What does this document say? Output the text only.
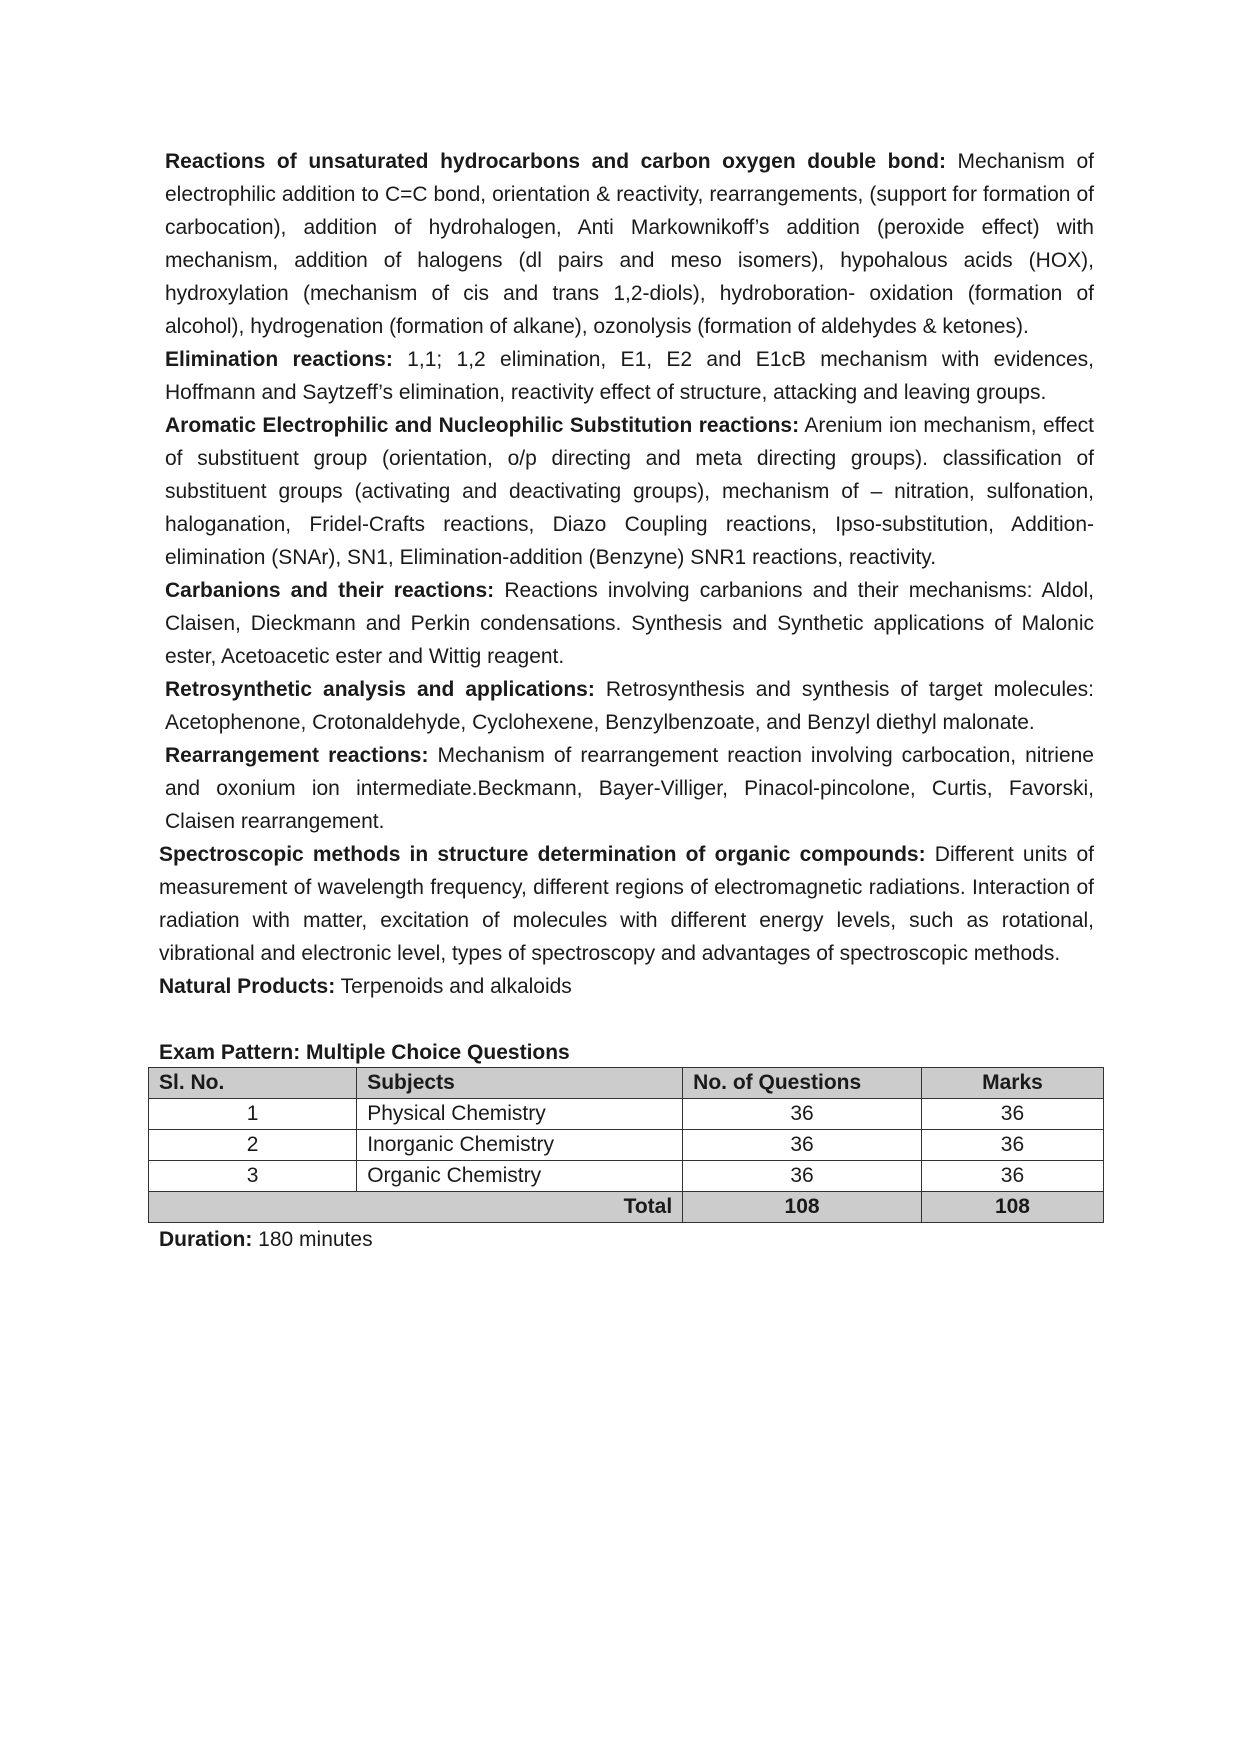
Reactions of unsaturated hydrocarbons and carbon oxygen double bond: Mechanism of electrophilic addition to C=C bond, orientation & reactivity, rearrangements, (support for formation of carbocation), addition of hydrohalogen, Anti Markownikoff’s addition (peroxide effect) with mechanism, addition of halogens (dl pairs and meso isomers), hypohalous acids (HOX), hydroxylation (mechanism of cis and trans 1,2-diols), hydroboration- oxidation (formation of alcohol), hydrogenation (formation of alkane), ozonolysis (formation of aldehydes & ketones).

Elimination reactions: 1,1; 1,2 elimination, E1, E2 and E1cB mechanism with evidences, Hoffmann and Saytzeff’s elimination, reactivity effect of structure, attacking and leaving groups.

Aromatic Electrophilic and Nucleophilic Substitution reactions: Arenium ion mechanism, effect of substituent group (orientation, o/p directing and meta directing groups). classification of substituent groups (activating and deactivating groups), mechanism of – nitration, sulfonation, haloganation, Fridel-Crafts reactions, Diazo Coupling reactions, Ipso-substitution, Addition-elimination (SNAr), SN1, Elimination-addition (Benzyne) SNR1 reactions, reactivity.

Carbanions and their reactions: Reactions involving carbanions and their mechanisms: Aldol, Claisen, Dieckmann and Perkin condensations. Synthesis and Synthetic applications of Malonic ester, Acetoacetic ester and Wittig reagent.

Retrosynthetic analysis and applications: Retrosynthesis and synthesis of target molecules: Acetophenone, Crotonaldehyde, Cyclohexene, Benzylbenzoate, and Benzyl diethyl malonate.

Rearrangement reactions: Mechanism of rearrangement reaction involving carbocation, nitriene and oxonium ion intermediate.Beckmann, Bayer-Villiger, Pinacol-pincolone, Curtis, Favorski, Claisen rearrangement.

Spectroscopic methods in structure determination of organic compounds: Different units of measurement of wavelength frequency, different regions of electromagnetic radiations. Interaction of radiation with matter, excitation of molecules with different energy levels, such as rotational, vibrational and electronic level, types of spectroscopy and advantages of spectroscopic methods.

Natural Products: Terpenoids and alkaloids

Exam Pattern: Multiple Choice Questions

Sl. No.	Subjects	No. of Questions	Marks
1	Physical Chemistry	36	36
2	Inorganic Chemistry	36	36
3	Organic Chemistry	36	36
Total		108	108

Duration: 180 minutes
